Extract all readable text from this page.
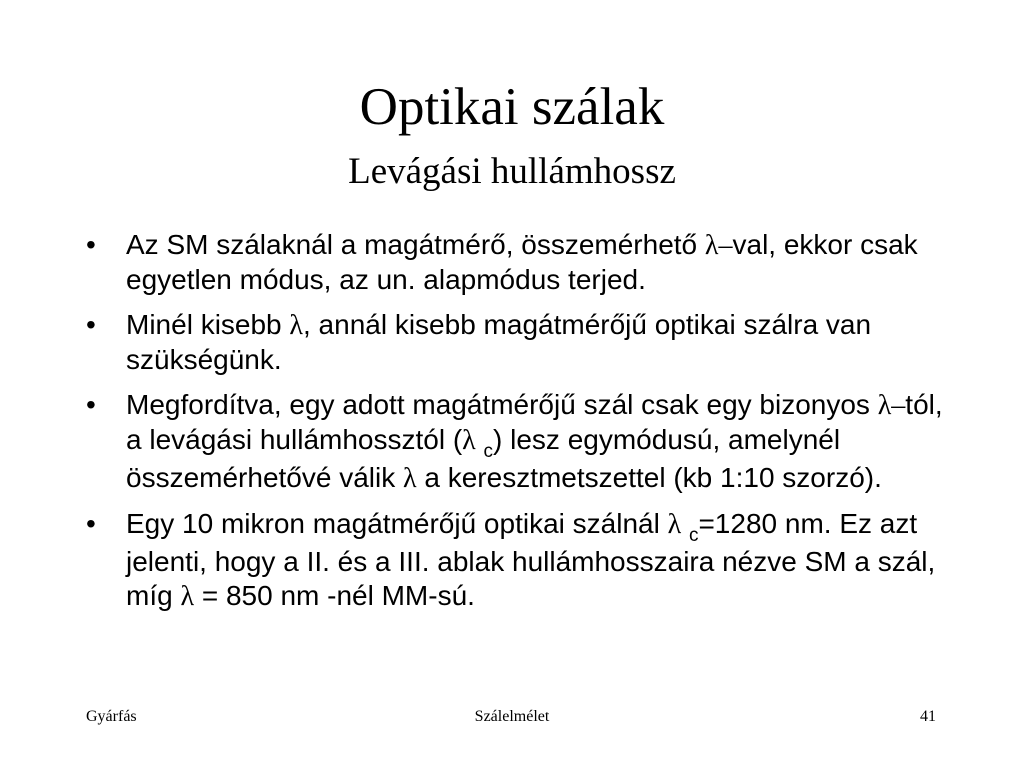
Optikai szálak
Levágási hullámhossz
• Az SM szálaknál a magátmérő, összemérhető λ–val, ekkor csak egyetlen módus, az un. alapmódus terjed.
• Minél kisebb λ, annál kisebb magátmérőjű optikai szálra van szükségünk.
• Megfordítva, egy adott magátmérőjű szál csak egy bizonyos λ–tól, a levágási hullámhossztól (λ $_c$) lesz egymódusú, amelynél összemérhetővé válik λ a keresztmetszettel (kb 1:10 szorzó).
• Egy 10 mikron magátmérőjű optikai szálnál λ $_c$=1280 nm. Ez azt jelenti, hogy a II. és a III. ablak hullámhosszaira nézve SM a szál, míg λ = 850 nm -nél MM-sú.
Gyárfás	Szálelmélet	41
